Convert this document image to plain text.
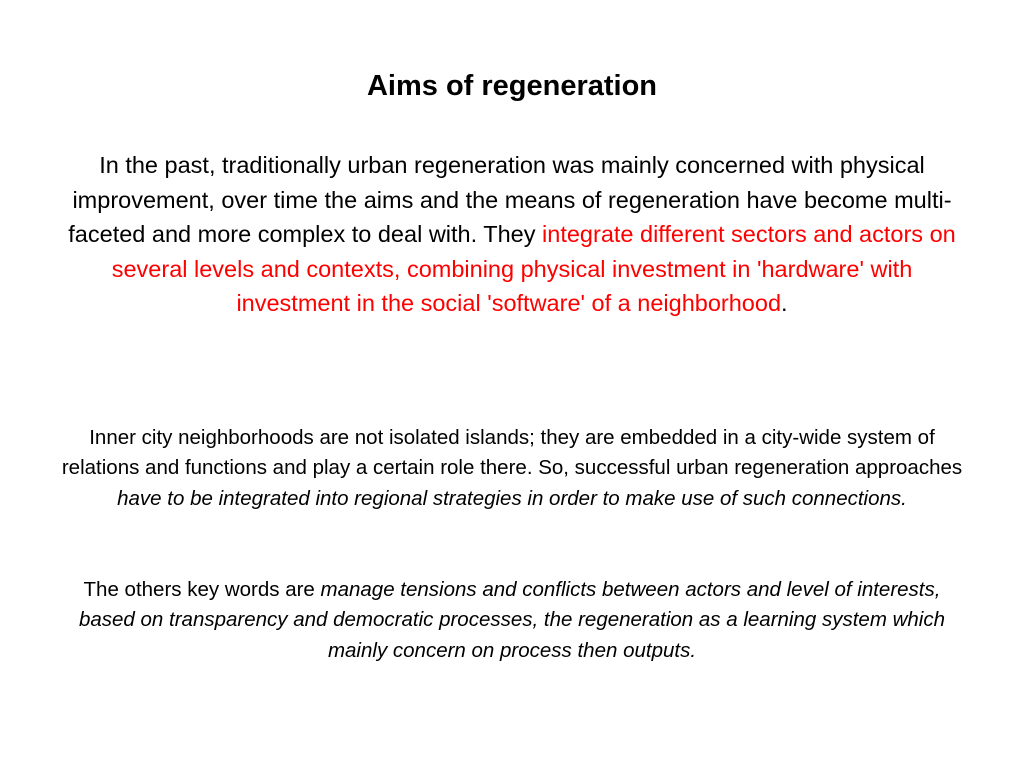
Aims of regeneration

In the past, traditionally urban regeneration was mainly concerned with physical improvement, over time the aims and the means of regeneration have become multi-faceted and more complex to deal with. They integrate different sectors and actors on several levels and contexts, combining physical investment in 'hardware' with investment in the social 'software' of a neighborhood.

Inner city neighborhoods are not isolated islands; they are embedded in a city-wide system of relations and functions and play a certain role there. So, successful urban regeneration approaches have to be integrated into regional strategies in order to make use of such connections.

The others key words are manage tensions and conflicts between actors and level of interests, based on transparency and democratic processes, the regeneration as a learning system which mainly concern on process then outputs.
